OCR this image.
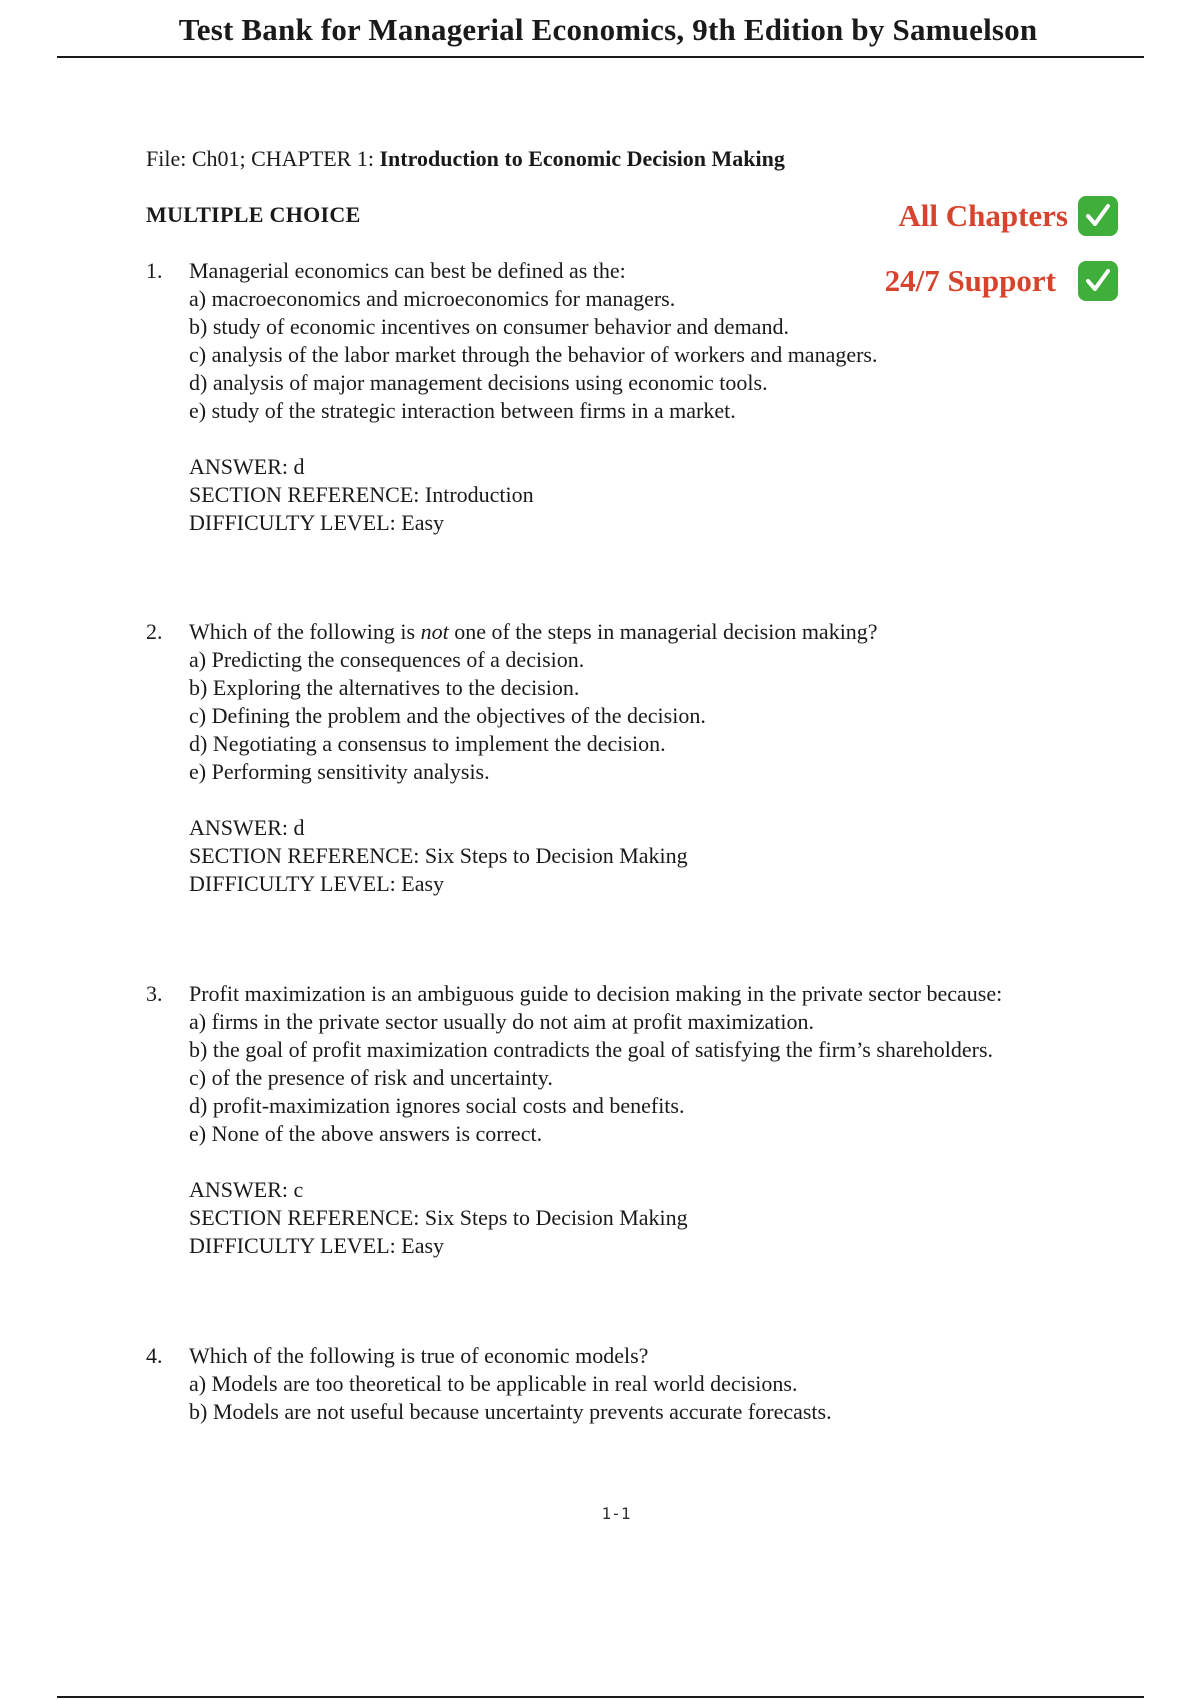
Test Bank for Managerial Economics, 9th Edition by Samuelson
File: Ch01; CHAPTER 1: Introduction to Economic Decision Making
MULTIPLE CHOICE	All Chapters
24/7 Support
1.	Managerial economics can best be defined as the:
a) macroeconomics and microeconomics for managers.
b) study of economic incentives on consumer behavior and demand.
c) analysis of the labor market through the behavior of workers and managers.
d) analysis of major management decisions using economic tools.
e) study of the strategic interaction between firms in a market.
ANSWER: d
SECTION REFERENCE: Introduction
DIFFICULTY LEVEL: Easy
2.	Which of the following is not one of the steps in managerial decision making?
a) Predicting the consequences of a decision.
b) Exploring the alternatives to the decision.
c) Defining the problem and the objectives of the decision.
d) Negotiating a consensus to implement the decision.
e) Performing sensitivity analysis.
ANSWER: d
SECTION REFERENCE: Six Steps to Decision Making
DIFFICULTY LEVEL: Easy
3.	Profit maximization is an ambiguous guide to decision making in the private sector because:
a) firms in the private sector usually do not aim at profit maximization.
b) the goal of profit maximization contradicts the goal of satisfying the firm’s shareholders.
c) of the presence of risk and uncertainty.
d) profit-maximization ignores social costs and benefits.
e) None of the above answers is correct.
ANSWER: c
SECTION REFERENCE: Six Steps to Decision Making
DIFFICULTY LEVEL: Easy
4.	Which of the following is true of economic models?
a) Models are too theoretical to be applicable in real world decisions.
b) Models are not useful because uncertainty prevents accurate forecasts.
1-1
